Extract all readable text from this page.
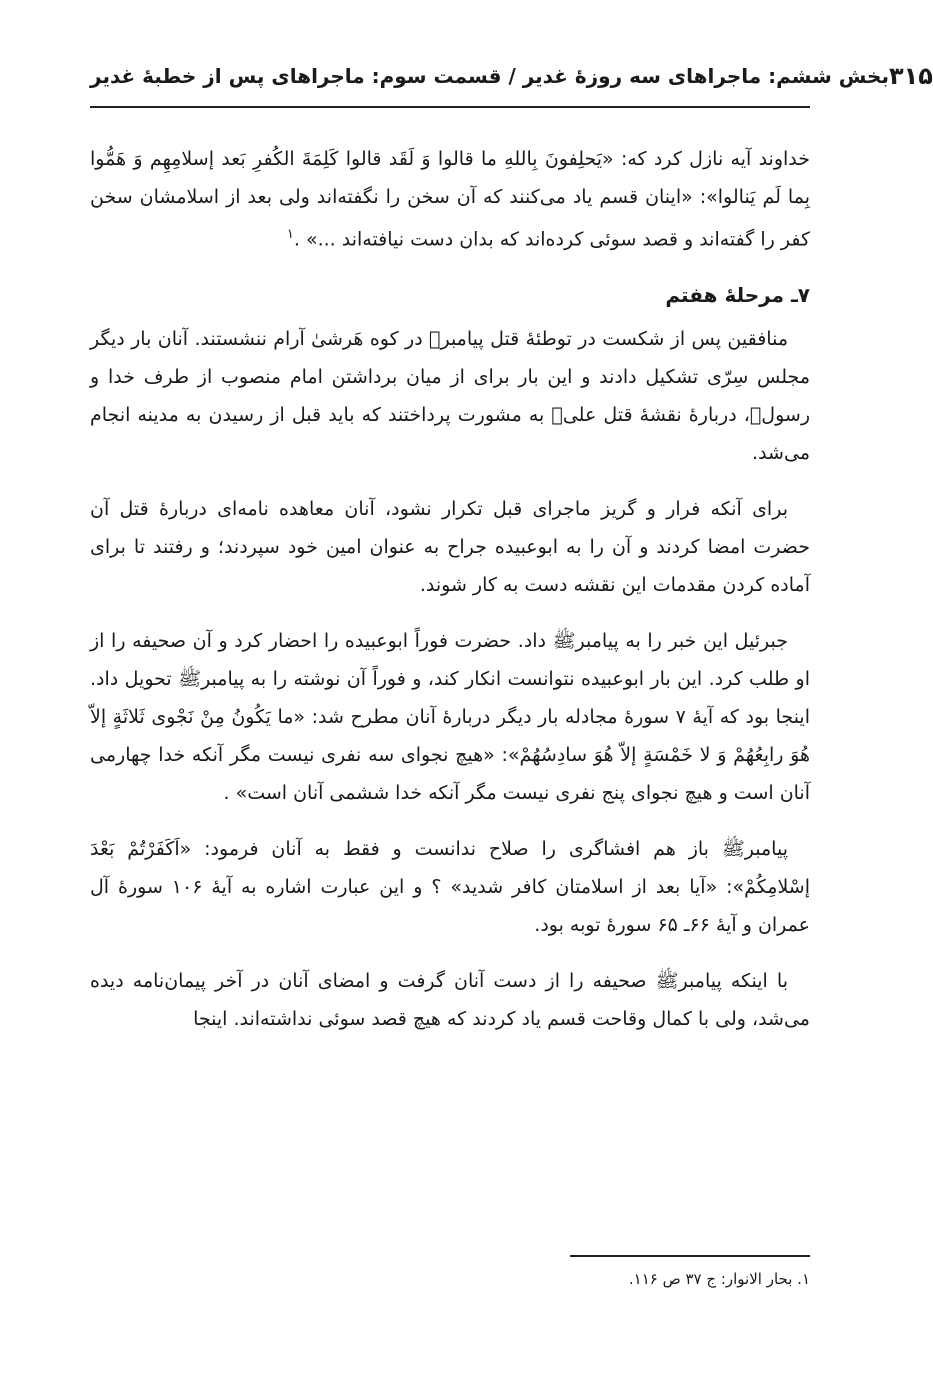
بخش ششم: ماجراهای سه روزهٔ غدیر / قسمت سوم: ماجراهای پس از خطبهٔ غدیر ۳۱۵

خداوند آیه نازل کرد که: «یَحلِفونَ بِاللهِ ما قالوا وَ لَقَد قالوا کَلِمَةَ الکُفرِ بَعد إسلامِهِم وَ هَمُّوا بِما لَم یَنالوا»: «اینان قسم یاد می‌کنند که آن سخن را نگفته‌اند ولی بعد از اسلامشان سخن کفر را گفته‌اند و قصد سوئی کرده‌اند که بدان دست نیافته‌اند ...» .$^۱$

۷ـ مرحلهٔ هفتم

منافقین پس از شکست در توطئهٔ قتل پیامبرﷺ در کوه هَرشیٰ آرام ننشستند. آنان بار دیگر مجلس سِرّی تشکیل دادند و این بار برای از میان برداشتن امام منصوب از طرف خدا و رسولﷺ، دربارهٔ نقشهٔ قتل علیؑ به مشورت پرداختند که باید قبل از رسیدن به مدینه انجام می‌شد.

برای آنکه فرار و گریز ماجرای قبل تکرار نشود، آنان معاهده نامه‌ای دربارهٔ قتل آن حضرت امضا کردند و آن را به ابوعبیده جراح به عنوان امین خود سپردند؛ و رفتند تا برای آماده کردن مقدمات این نقشه دست به کار شوند.

جبرئیل این خبر را به پیامبرﷺ داد. حضرت فوراً ابوعبیده را احضار کرد و آن صحیفه را از او طلب کرد. این بار ابوعبیده نتوانست انکار کند، و فوراً آن نوشته را به پیامبرﷺ تحویل داد. اینجا بود که آیهٔ ۷ سورهٔ مجادله بار دیگر دربارهٔ آنان مطرح شد: «ما یَکُونُ مِنْ نَجْوی ثَلاثَةٍ إلاّ هُوَ رابِعُهُمْ وَ لا خَمْسَةٍ إلاّ هُوَ سادِسُهُمْ»: «هیچ نجوای سه نفری نیست مگر آنکه خدا چهارمی آنان است و هیچ نجوای پنج نفری نیست مگر آنکه خدا ششمی آنان است» .

پیامبرﷺ باز هم افشاگری را صلاح ندانست و فقط به آنان فرمود: «اَکَفَرْتُمْ بَعْدَ إسْلامِکُمْ»: «آیا بعد از اسلامتان کافر شدید» ؟ و این عبارت اشاره به آیهٔ ۱۰۶ سورهٔ آل عمران و آیهٔ ۶۶ـ ۶۵ سورهٔ توبه بود.

با اینکه پیامبرﷺ صحیفه را از دست آنان گرفت و امضای آنان در آخر پیمان‌نامه دیده می‌شد، ولی با کمال وقاحت قسم یاد کردند که هیچ قصد سوئی نداشته‌اند. اینجا

۱. بحار الانوار: ج ۳۷ ص ۱۱۶.
